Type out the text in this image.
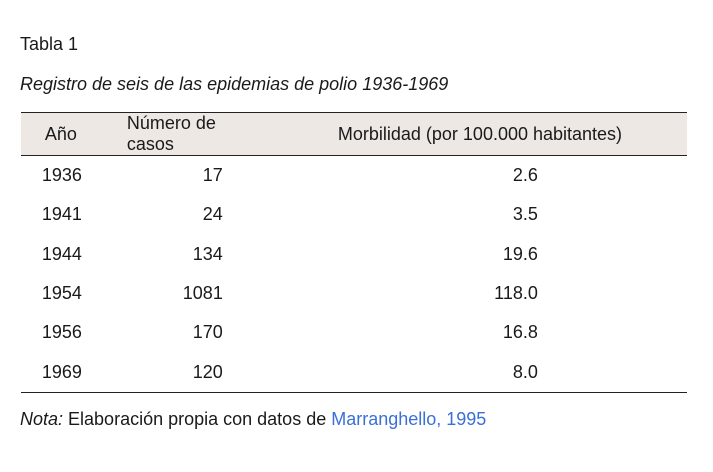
Tabla 1
Registro de seis de las epidemias de polio 1936-1969
Año	Número de casos	Morbilidad (por 100.000 habitantes)
1936	17	2.6
1941	24	3.5
1944	134	19.6
1954	1081	118.0
1956	170	16.8
1969	120	8.0
Nota: Elaboración propia con datos de Marranghello, 1995
